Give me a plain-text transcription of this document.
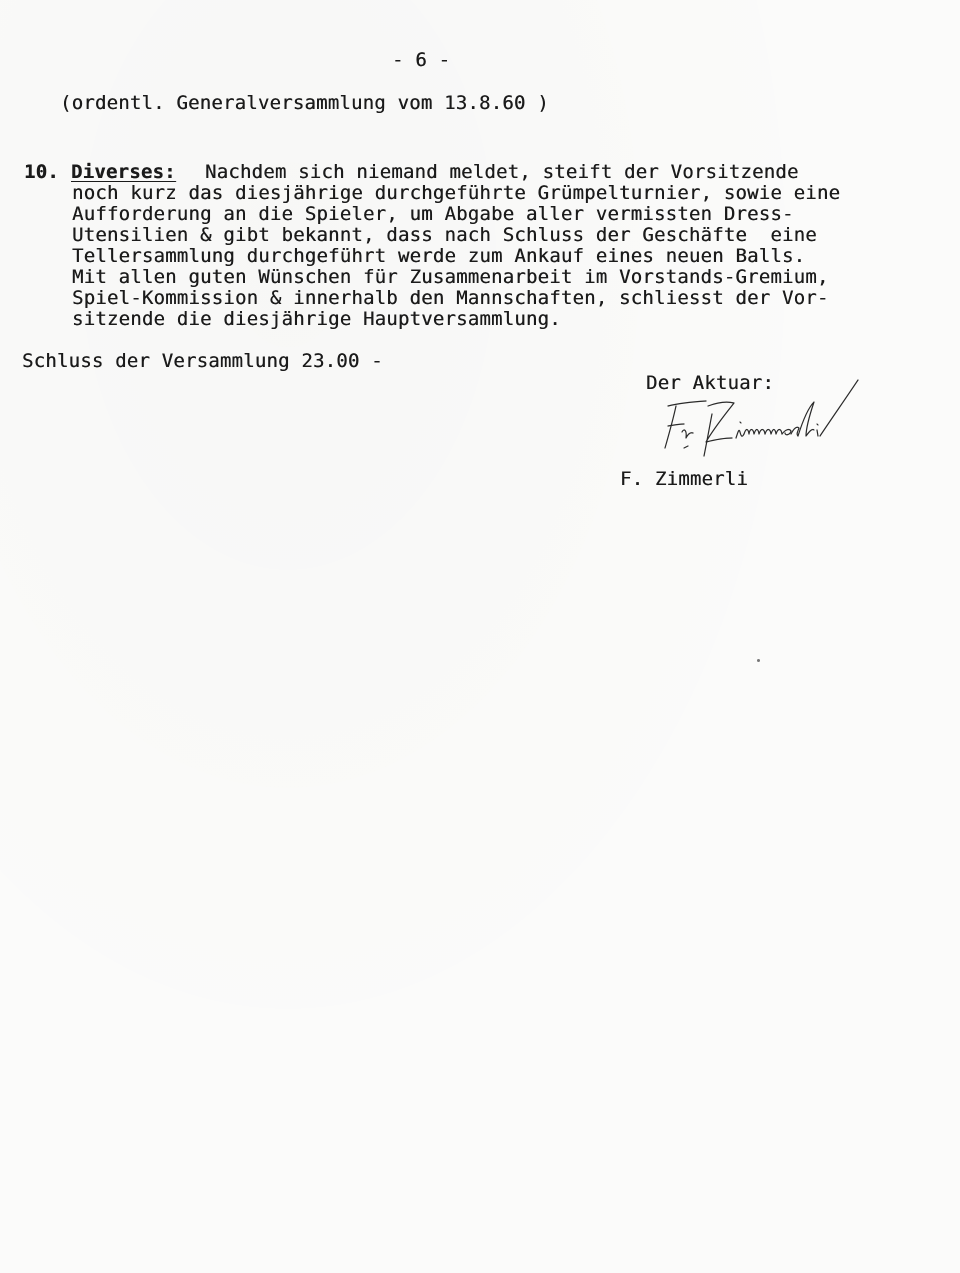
- 6 -
(ordentl. Generalversammlung vom 13.8.60 )
10. Diverses: Nachdem sich niemand meldet, steift der Vorsitzende
noch kurz das diesjährige durchgeführte Grümpelturnier, sowie eine
Aufforderung an die Spieler, um Abgabe aller vermissten Dress-
Utensilien & gibt bekannt, dass nach Schluss der Geschäfte  eine
Tellersammlung durchgeführt werde zum Ankauf eines neuen Balls.
Mit allen guten Wünschen für Zusammenarbeit im Vorstands-Gremium,
Spiel-Kommission & innerhalb den Mannschaften, schliesst der Vor-
sitzende die diesjährige Hauptversammlung.
Schluss der Versammlung 23.00 -
Der Aktuar:
F. Zimmerli
